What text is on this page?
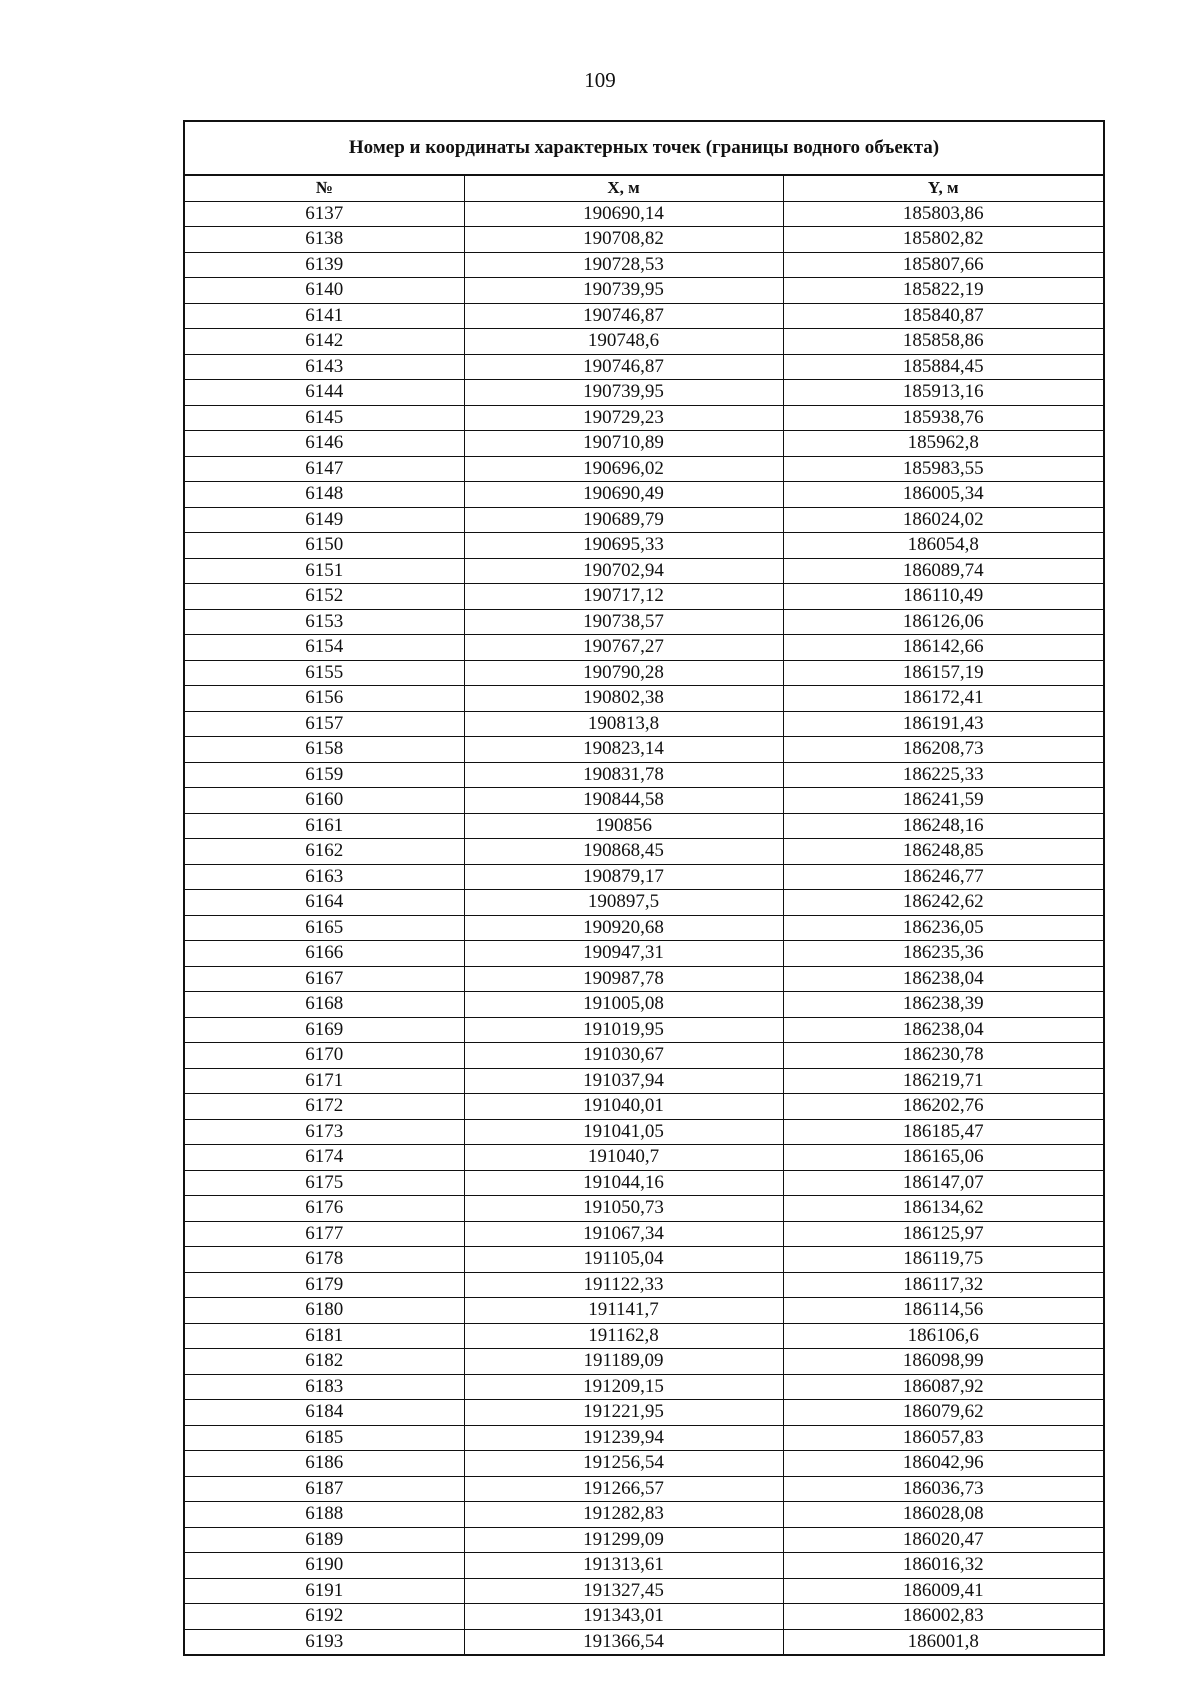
109
Номер и координаты характерных точек (границы водного объекта)
№	X, м	Y, м
6137	190690,14	185803,86
6138	190708,82	185802,82
6139	190728,53	185807,66
6140	190739,95	185822,19
6141	190746,87	185840,87
6142	190748,6	185858,86
6143	190746,87	185884,45
6144	190739,95	185913,16
6145	190729,23	185938,76
6146	190710,89	185962,8
6147	190696,02	185983,55
6148	190690,49	186005,34
6149	190689,79	186024,02
6150	190695,33	186054,8
6151	190702,94	186089,74
6152	190717,12	186110,49
6153	190738,57	186126,06
6154	190767,27	186142,66
6155	190790,28	186157,19
6156	190802,38	186172,41
6157	190813,8	186191,43
6158	190823,14	186208,73
6159	190831,78	186225,33
6160	190844,58	186241,59
6161	190856	186248,16
6162	190868,45	186248,85
6163	190879,17	186246,77
6164	190897,5	186242,62
6165	190920,68	186236,05
6166	190947,31	186235,36
6167	190987,78	186238,04
6168	191005,08	186238,39
6169	191019,95	186238,04
6170	191030,67	186230,78
6171	191037,94	186219,71
6172	191040,01	186202,76
6173	191041,05	186185,47
6174	191040,7	186165,06
6175	191044,16	186147,07
6176	191050,73	186134,62
6177	191067,34	186125,97
6178	191105,04	186119,75
6179	191122,33	186117,32
6180	191141,7	186114,56
6181	191162,8	186106,6
6182	191189,09	186098,99
6183	191209,15	186087,92
6184	191221,95	186079,62
6185	191239,94	186057,83
6186	191256,54	186042,96
6187	191266,57	186036,73
6188	191282,83	186028,08
6189	191299,09	186020,47
6190	191313,61	186016,32
6191	191327,45	186009,41
6192	191343,01	186002,83
6193	191366,54	186001,8
